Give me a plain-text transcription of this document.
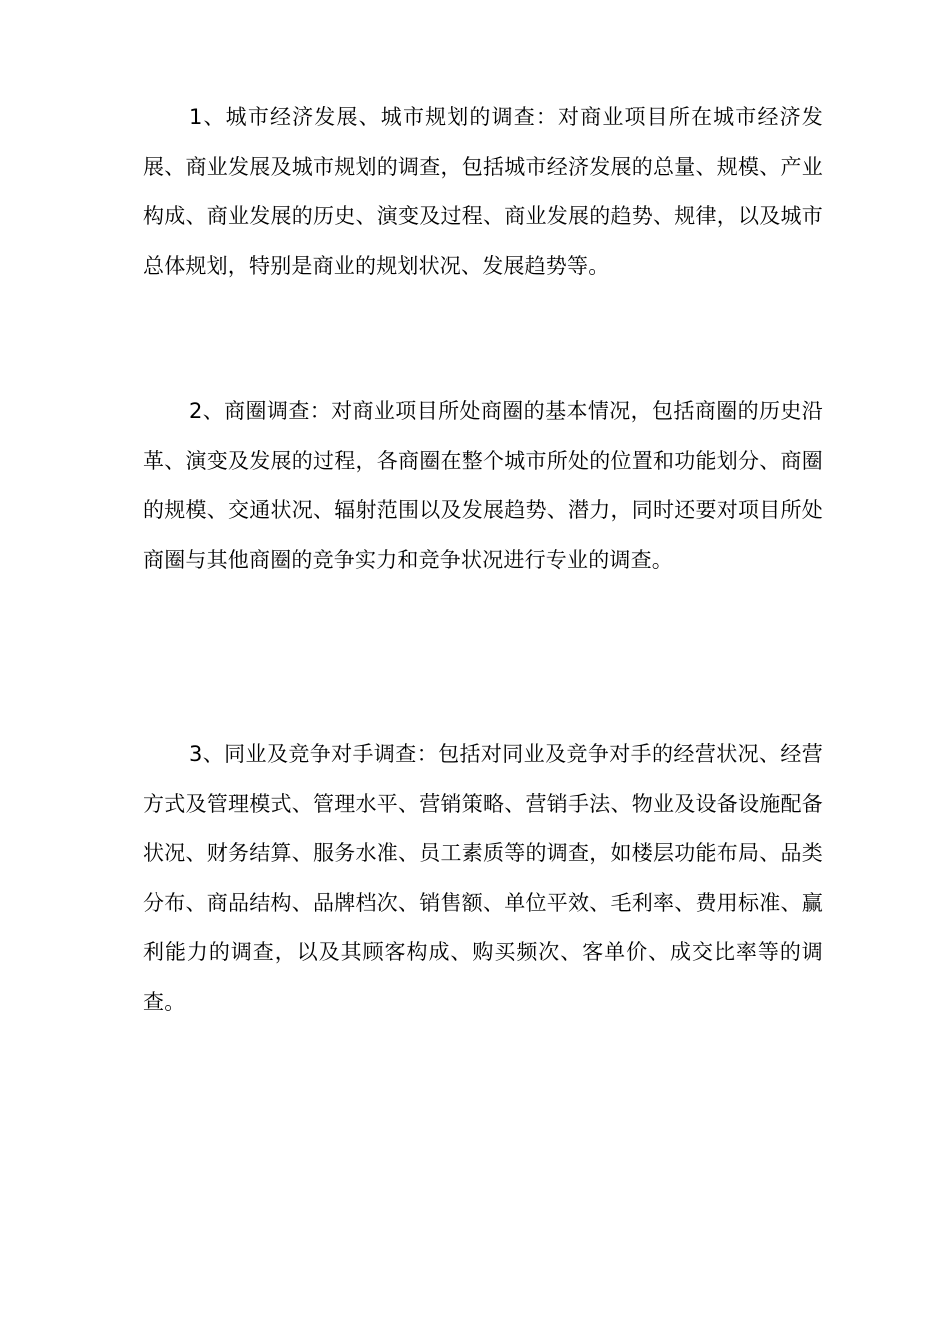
1、城市经济发展、城市规划的调查：对商业项目所在城市经济发展、商业发展及城市规划的调查，包括城市经济发展的总量、规模、产业构成、商业发展的历史、演变及过程、商业发展的趋势、规律，以及城市总体规划，特别是商业的规划状况、发展趋势等。

2、商圈调查：对商业项目所处商圈的基本情况，包括商圈的历史沿革、演变及发展的过程，各商圈在整个城市所处的位置和功能划分、商圈的规模、交通状况、辐射范围以及发展趋势、潜力，同时还要对项目所处商圈与其他商圈的竞争实力和竞争状况进行专业的调查。

3、同业及竞争对手调查：包括对同业及竞争对手的经营状况、经营方式及管理模式、管理水平、营销策略、营销手法、物业及设备设施配备状况、财务结算、服务水准、员工素质等的调查，如楼层功能布局、品类分布、商品结构、品牌档次、销售额、单位平效、毛利率、费用标准、赢利能力的调查，以及其顾客构成、购买频次、客单价、成交比率等的调查。
